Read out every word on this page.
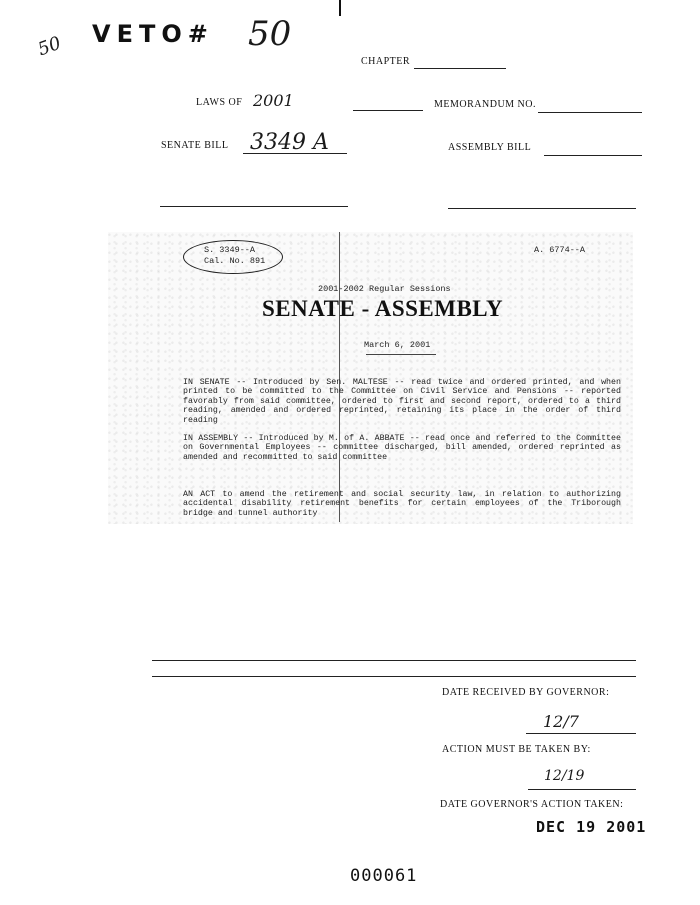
50 VETO# 50
CHAPTER
LAWS OF 2001	MEMORANDUM NO.
SENATE BILL 3349 A	ASSEMBLY BILL
S. 3349--A
Cal. No. 891
A. 6774--A
2001-2002 Regular Sessions
SENATE - ASSEMBLY
March 6, 2001
IN SENATE -- Introduced by Sen. MALTESE -- read twice and ordered printed, and when printed to be committed to the Committee on Civil Service and Pensions -- reported favorably from said committee, ordered to first and second report, ordered to a third reading, amended and ordered reprinted, retaining its place in the order of third reading
IN ASSEMBLY -- Introduced by M. of A. ABBATE -- read once and referred to the Committee on Governmental Employees -- committee discharged, bill amended, ordered reprinted as amended and recommitted to said committee
AN ACT to amend the retirement and social security law, in relation to authorizing accidental disability retirement benefits for certain employees of the Triborough bridge and tunnel authority
DATE RECEIVED BY GOVERNOR:
12/7
ACTION MUST BE TAKEN BY:
12/19
DATE GOVERNOR'S ACTION TAKEN:
DEC 19 2001
000061
